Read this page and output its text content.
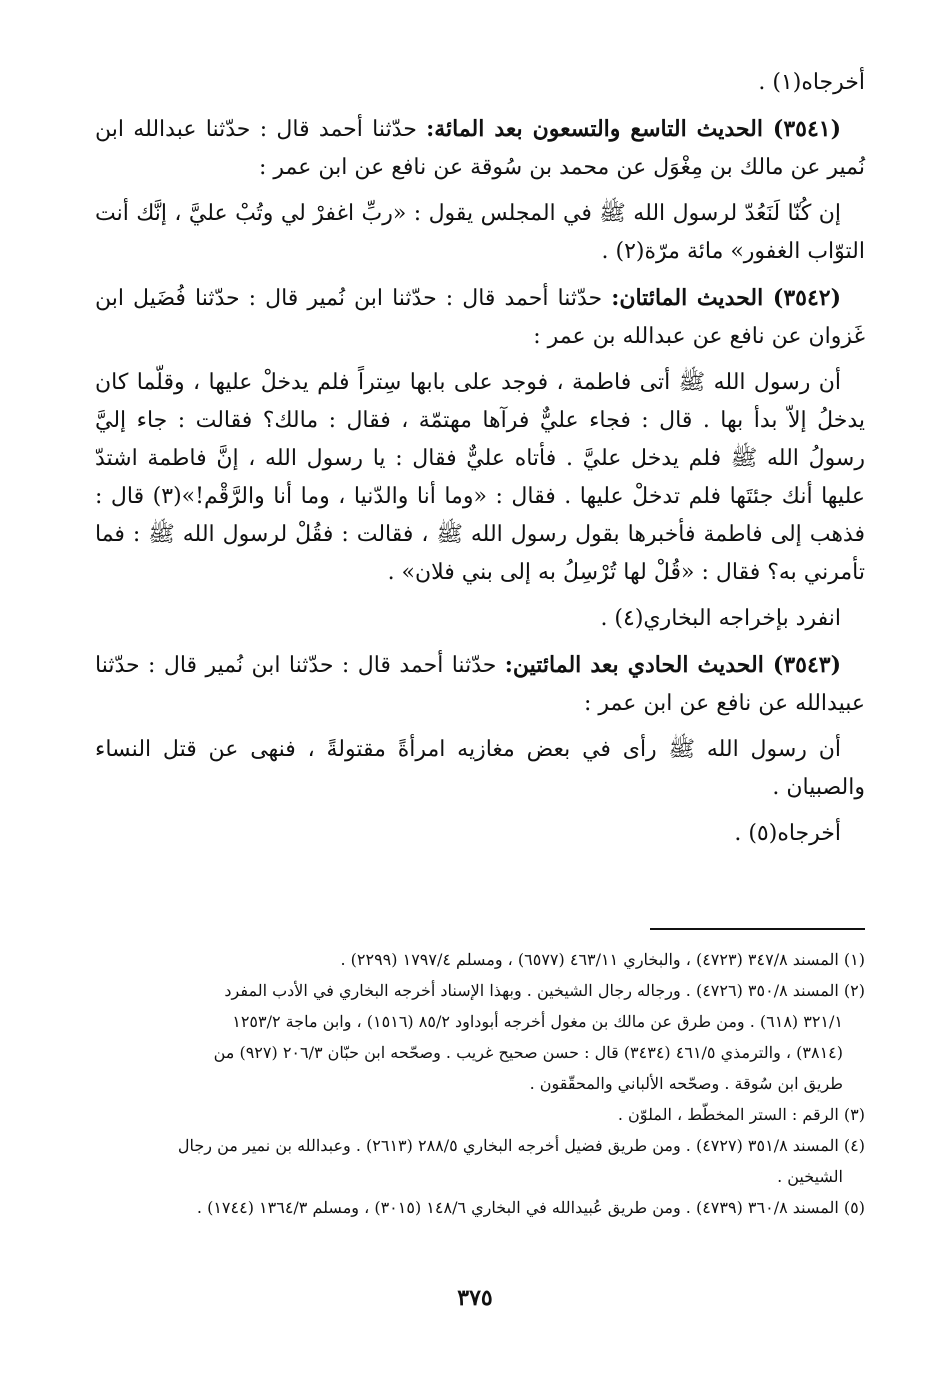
أخرجاه(١) .

(٣٥٤١) الحديث التاسع والتسعون بعد المائة: حدّثنا أحمد قال : حدّثنا عبدالله ابن نُمير عن مالك بن مِغْوَل عن محمد بن سُوقة عن نافع عن ابن عمر :

إن كُنّا لَنَعُدّ لرسول الله ﷺ في المجلس يقول : «ربِّ اغفرْ لي وتُبْ عليَّ ، إنَّك أنت التوّاب الغفور» مائة مرّة(٢) .

(٣٥٤٢) الحديث المائتان: حدّثنا أحمد قال : حدّثنا ابن نُمير قال : حدّثنا فُضَيل ابن غَزوان عن نافع عن عبدالله بن عمر :

أن رسول الله ﷺ أتى فاطمة ، فوجد على بابها سِتراً فلم يدخلْ عليها ، وقلّما كان يدخلُ إلاّ بدأ بها . قال : فجاء عليٌّ فرآها مهتمّة ، فقال : مالك؟ فقالت : جاء إليَّ رسولُ الله ﷺ فلم يدخل عليَّ . فأتاه عليٌّ فقال : يا رسول الله ، إنَّ فاطمة اشتدّ عليها أنك جئتَها فلم تدخلْ عليها . فقال : «وما أنا والدّنيا ، وما أنا والرَّقْم!»(٣) قال : فذهب إلى فاطمة فأخبرها بقول رسول الله ﷺ ، فقالت : فقُلْ لرسول الله ﷺ : فما تأمرني به؟ فقال : «قُلْ لها تُرْسِلُ به إلى بني فلان» .

انفرد بإخراجه البخاري(٤) .

(٣٥٤٣) الحديث الحادي بعد المائتين: حدّثنا أحمد قال : حدّثنا ابن نُمير قال : حدّثنا عبيدالله عن نافع عن ابن عمر :

أن رسول الله ﷺ رأى في بعض مغازيه امرأةً مقتولةً ، فنهى عن قتل النساء والصبيان .

أخرجاه(٥) .

(١) المسند ٣٤٧/٨ (٤٧٢٣) ، والبخاري ٤٦٣/١١ (٦٥٧٧) ، ومسلم ١٧٩٧/٤ (٢٢٩٩) .

(٢) المسند ٣٥٠/٨ (٤٧٢٦) . ورجاله رجال الشيخين . وبهذا الإسناد أخرجه البخاري في الأدب المفرد

٣٢١/١ (٦١٨) . ومن طرق عن مالك بن مغول أخرجه أبوداود ٨٥/٢ (١٥١٦) ، وابن ماجة ١٢٥٣/٢

(٣٨١٤) ، والترمذي ٤٦١/٥ (٣٤٣٤) قال : حسن صحيح غريب . وصحّحه ابن حبّان ٢٠٦/٣ (٩٢٧) من

طريق ابن سُوقة . وصحّحه الألباني والمحقّقون .

(٣) الرقم : الستر المخطّط ، الملوّن .

(٤) المسند ٣٥١/٨ (٤٧٢٧) . ومن طريق فضيل أخرجه البخاري ٢٨٨/٥ (٢٦١٣) . وعبدالله بن نمير من رجال

الشيخين .

(٥) المسند ٣٦٠/٨ (٤٧٣٩) . ومن طريق عُبيدالله في البخاري ١٤٨/٦ (٣٠١٥) ، ومسلم ١٣٦٤/٣ (١٧٤٤) .

٣٧٥
